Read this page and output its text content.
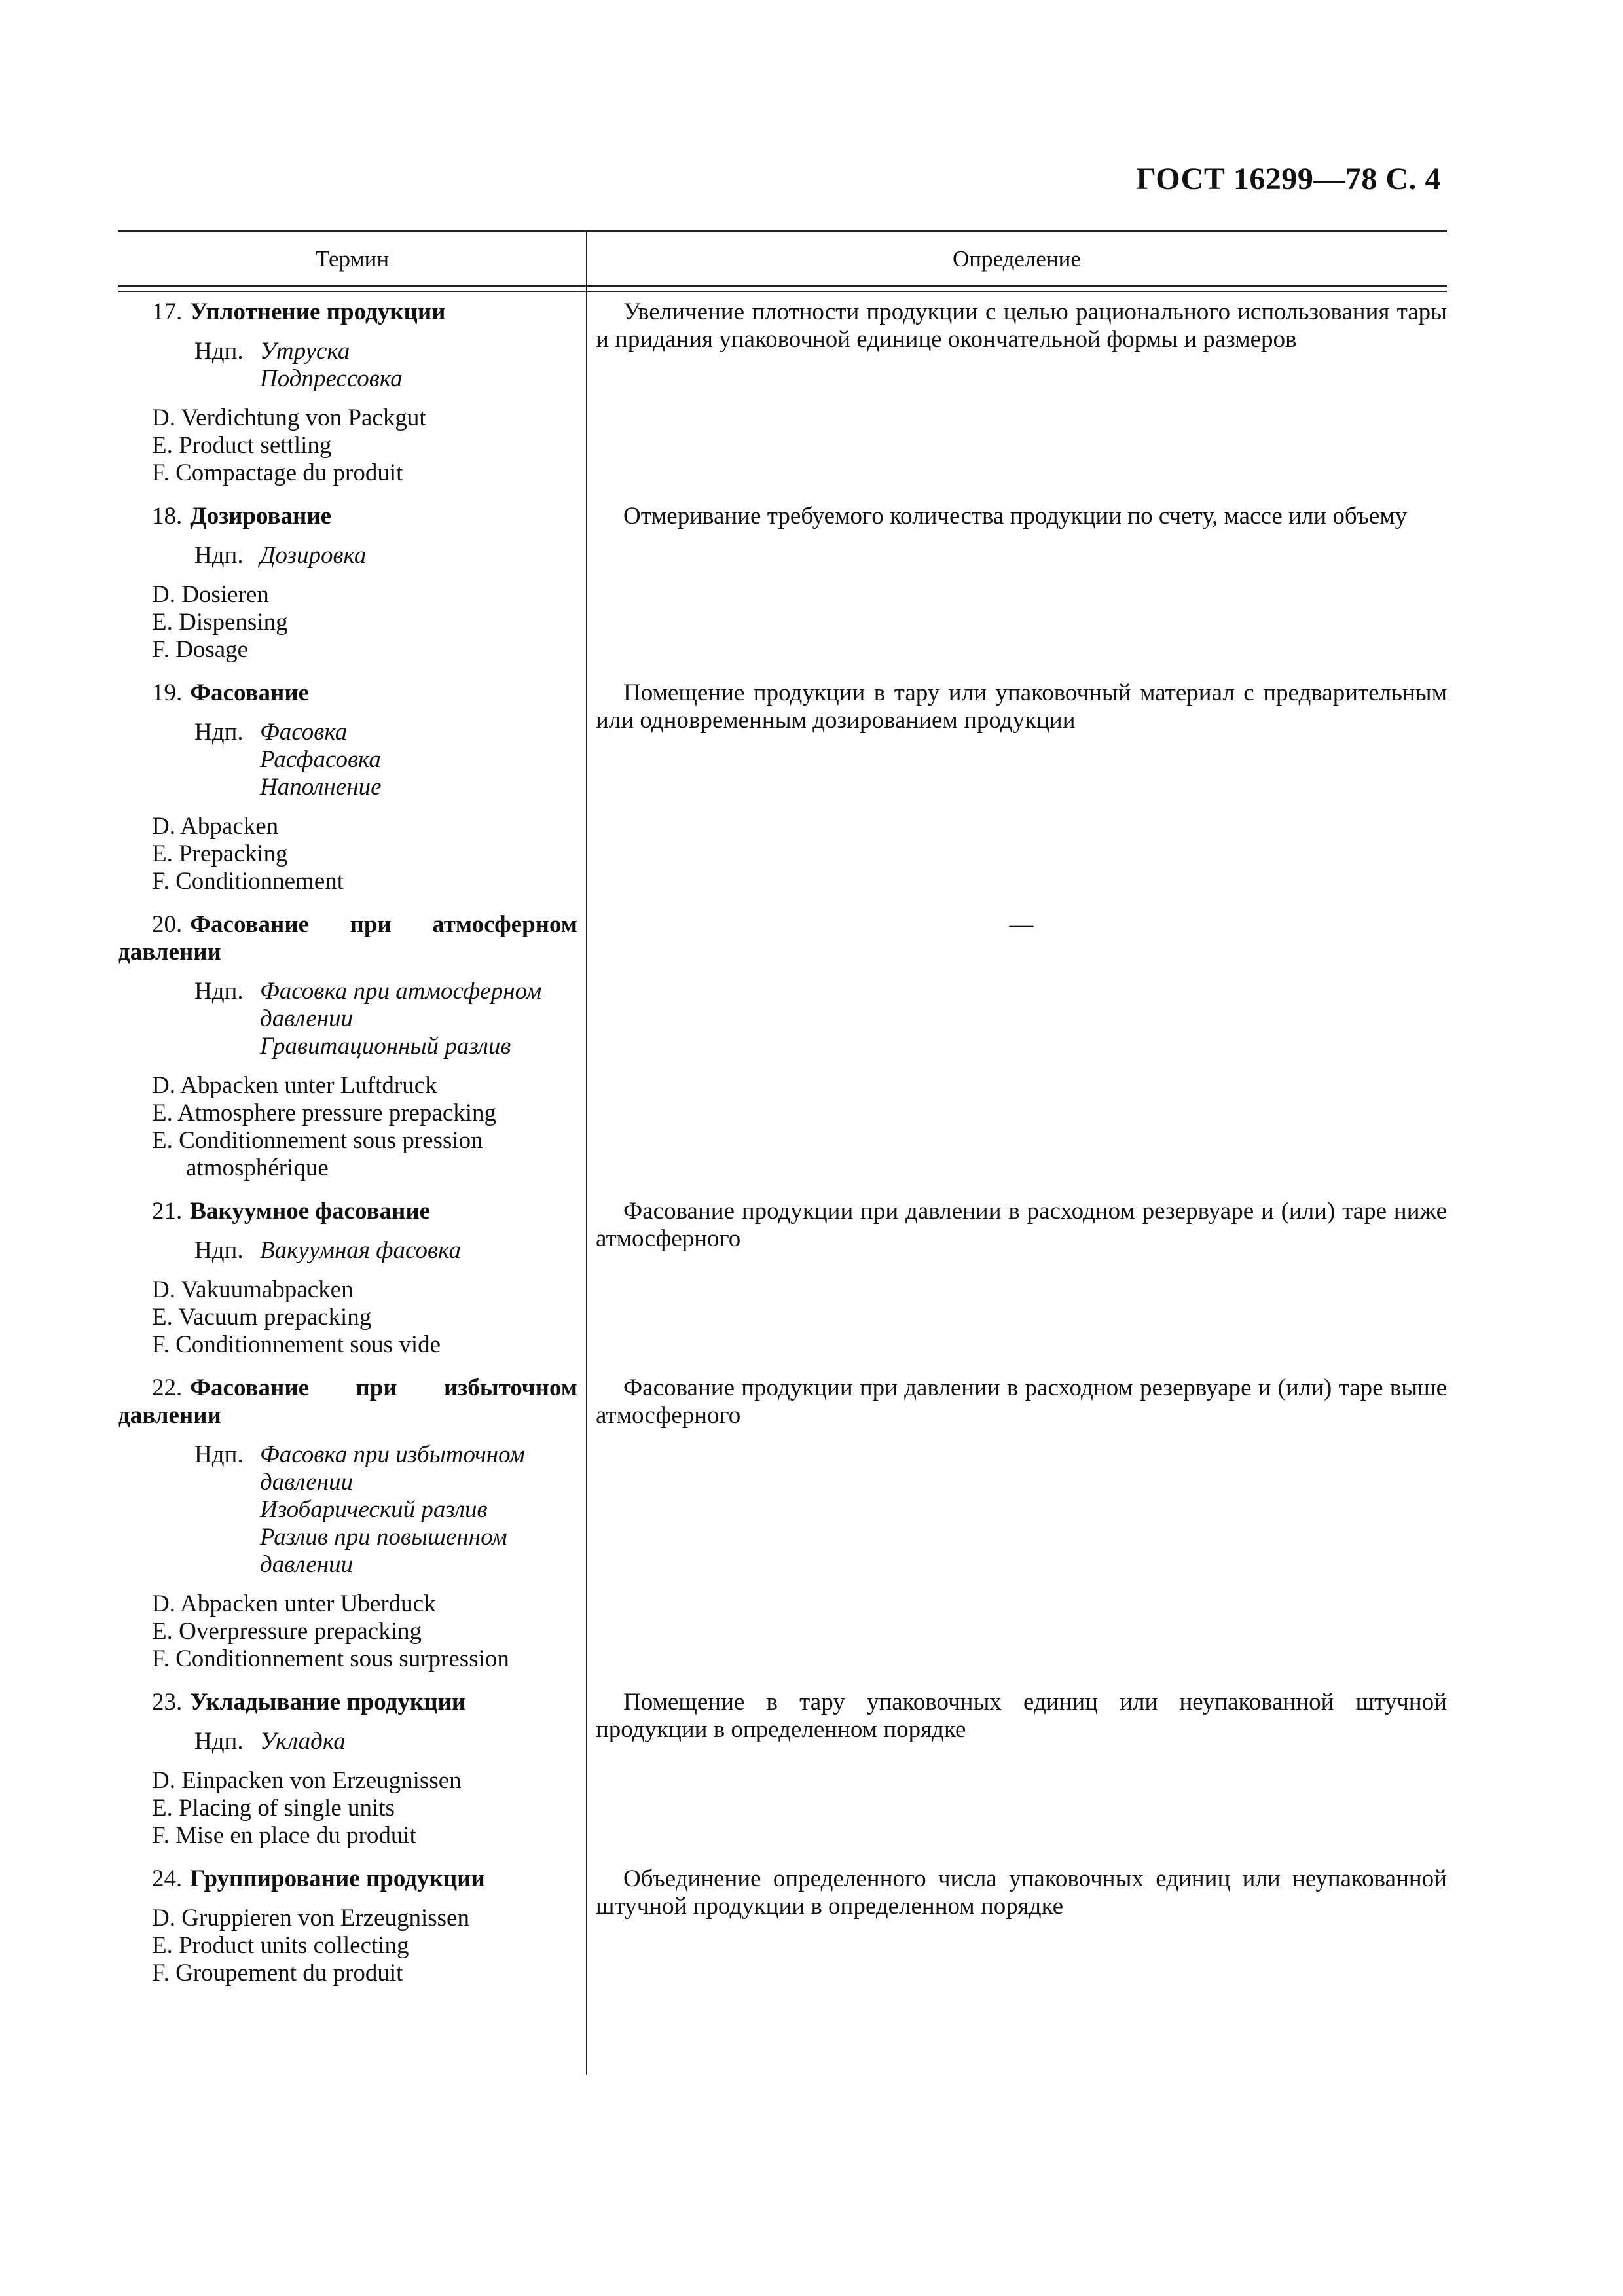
ГОСТ 16299—78 С. 4
Термин	Определение
17. Уплотнение продукции
Ндп. Утруска
Подпрессовка
D. Verdichtung von Packgut
E. Product settling
F. Compactage du produit
Увеличение плотности продукции с целью рационального использования тары и придания упаковочной единице окончательной формы и размеров
18. Дозирование
Ндп. Дозировка
D. Dosieren
E. Dispensing
F. Dosage
Отмеривание требуемого количества продукции по счету, массе или объему
19. Фасование
Ндп. Фасовка
Расфасовка
Наполнение
D. Abpacken
E. Prepacking
F. Conditionnement
Помещение продукции в тару или упаковочный материал с предварительным или одновременным дозированием продукции
20. Фасование при атмосферном давлении
Ндп. Фасовка при атмосферном
давлении
Гравитационный разлив
D. Abpacken unter Luftdruck
E. Atmosphere pressure prepacking
E. Conditionnement sous pression
atmosphérique
—
21. Вакуумное фасование
Ндп. Вакуумная фасовка
D. Vakuumabpacken
E. Vacuum prepacking
F. Conditionnement sous vide
Фасование продукции при давлении в расходном резервуаре и (или) таре ниже атмосферного
22. Фасование при избыточном давлении
Ндп. Фасовка при избыточном
давлении
Изобарический разлив
Разлив при повышенном
давлении
D. Abpacken unter Uberduck
E. Overpressure prepacking
F. Conditionnement sous surpression
Фасование продукции при давлении в расходном резервуаре и (или) таре выше атмосферного
23. Укладывание продукции
Ндп. Укладка
D. Einpacken von Erzeugnissen
E. Placing of single units
F. Mise en place du produit
Помещение в тару упаковочных единиц или неупакованной штучной продукции в определенном порядке
24. Группирование продукции
D. Gruppieren von Erzeugnissen
E. Product units collecting
F. Groupement du produit
Объединение определенного числа упаковочных единиц или неупакованной штучной продукции в определенном порядке
